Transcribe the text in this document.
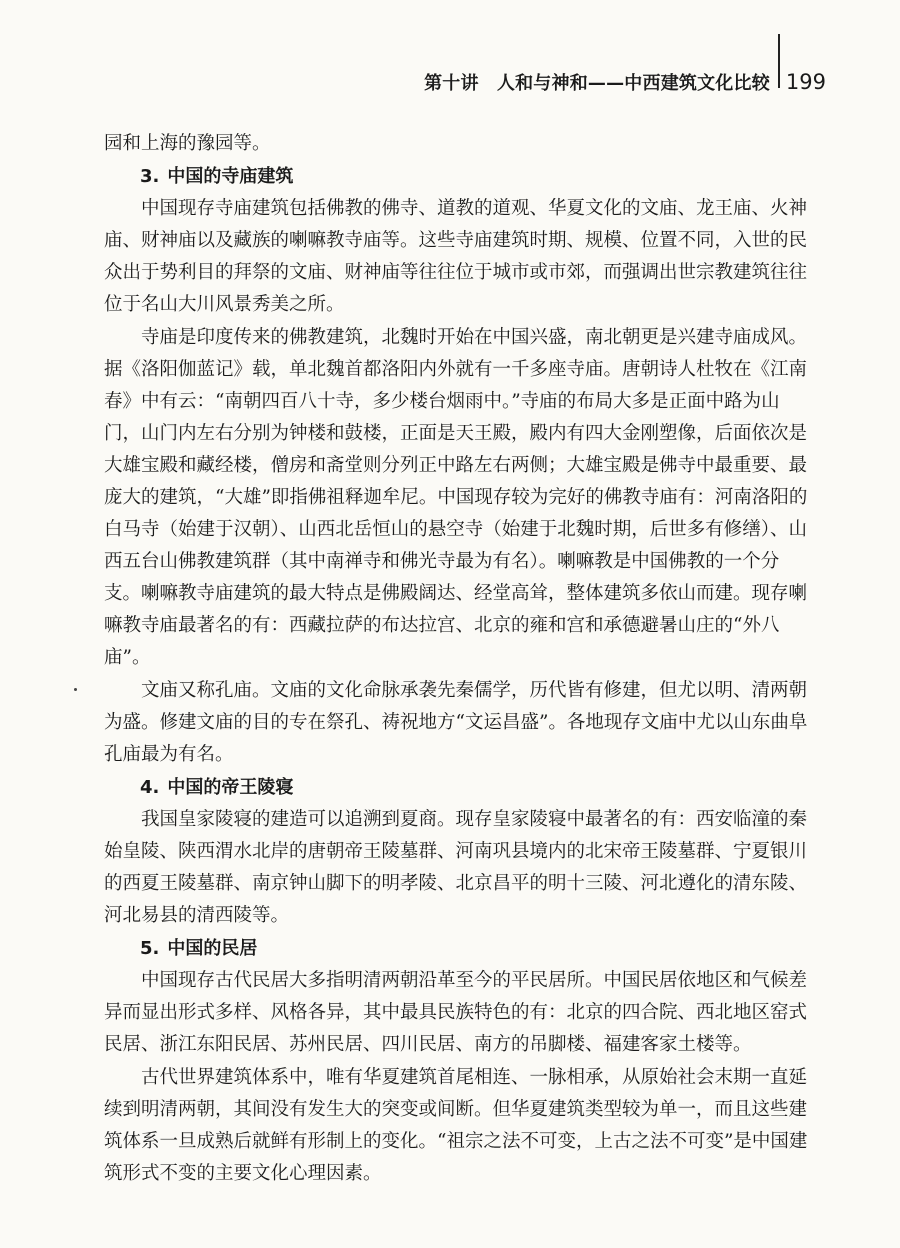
第十讲　人和与神和——中西建筑文化比较 199

园和上海的豫园等。

3. 中国的寺庙建筑

中国现存寺庙建筑包括佛教的佛寺、道教的道观、华夏文化的文庙、龙王庙、火神庙、财神庙以及藏族的喇嘛教寺庙等。这些寺庙建筑时期、规模、位置不同，入世的民众出于势利目的拜祭的文庙、财神庙等往往位于城市或市郊，而强调出世宗教建筑往往位于名山大川风景秀美之所。

寺庙是印度传来的佛教建筑，北魏时开始在中国兴盛，南北朝更是兴建寺庙成风。据《洛阳伽蓝记》载，单北魏首都洛阳内外就有一千多座寺庙。唐朝诗人杜牧在《江南春》中有云：“南朝四百八十寺，多少楼台烟雨中。”寺庙的布局大多是正面中路为山门，山门内左右分别为钟楼和鼓楼，正面是天王殿，殿内有四大金刚塑像，后面依次是大雄宝殿和藏经楼，僧房和斋堂则分列正中路左右两侧；大雄宝殿是佛寺中最重要、最庞大的建筑，“大雄”即指佛祖释迦牟尼。中国现存较为完好的佛教寺庙有：河南洛阳的白马寺（始建于汉朝）、山西北岳恒山的悬空寺（始建于北魏时期，后世多有修缮）、山西五台山佛教建筑群（其中南禅寺和佛光寺最为有名）。喇嘛教是中国佛教的一个分支。喇嘛教寺庙建筑的最大特点是佛殿阔达、经堂高耸，整体建筑多依山而建。现存喇嘛教寺庙最著名的有：西藏拉萨的布达拉宫、北京的雍和宫和承德避暑山庄的“外八庙”。

文庙又称孔庙。文庙的文化命脉承袭先秦儒学，历代皆有修建，但尤以明、清两朝为盛。修建文庙的目的专在祭孔、祷祝地方“文运昌盛”。各地现存文庙中尤以山东曲阜孔庙最为有名。

4. 中国的帝王陵寝

我国皇家陵寝的建造可以追溯到夏商。现存皇家陵寝中最著名的有：西安临潼的秦始皇陵、陕西渭水北岸的唐朝帝王陵墓群、河南巩县境内的北宋帝王陵墓群、宁夏银川的西夏王陵墓群、南京钟山脚下的明孝陵、北京昌平的明十三陵、河北遵化的清东陵、河北易县的清西陵等。

5. 中国的民居

中国现存古代民居大多指明清两朝沿革至今的平民居所。中国民居依地区和气候差异而显出形式多样、风格各异，其中最具民族特色的有：北京的四合院、西北地区窑式民居、浙江东阳民居、苏州民居、四川民居、南方的吊脚楼、福建客家土楼等。

古代世界建筑体系中，唯有华夏建筑首尾相连、一脉相承，从原始社会末期一直延续到明清两朝，其间没有发生大的突变或间断。但华夏建筑类型较为单一，而且这些建筑体系一旦成熟后就鲜有形制上的变化。“祖宗之法不可变，上古之法不可变”是中国建筑形式不变的主要文化心理因素。
